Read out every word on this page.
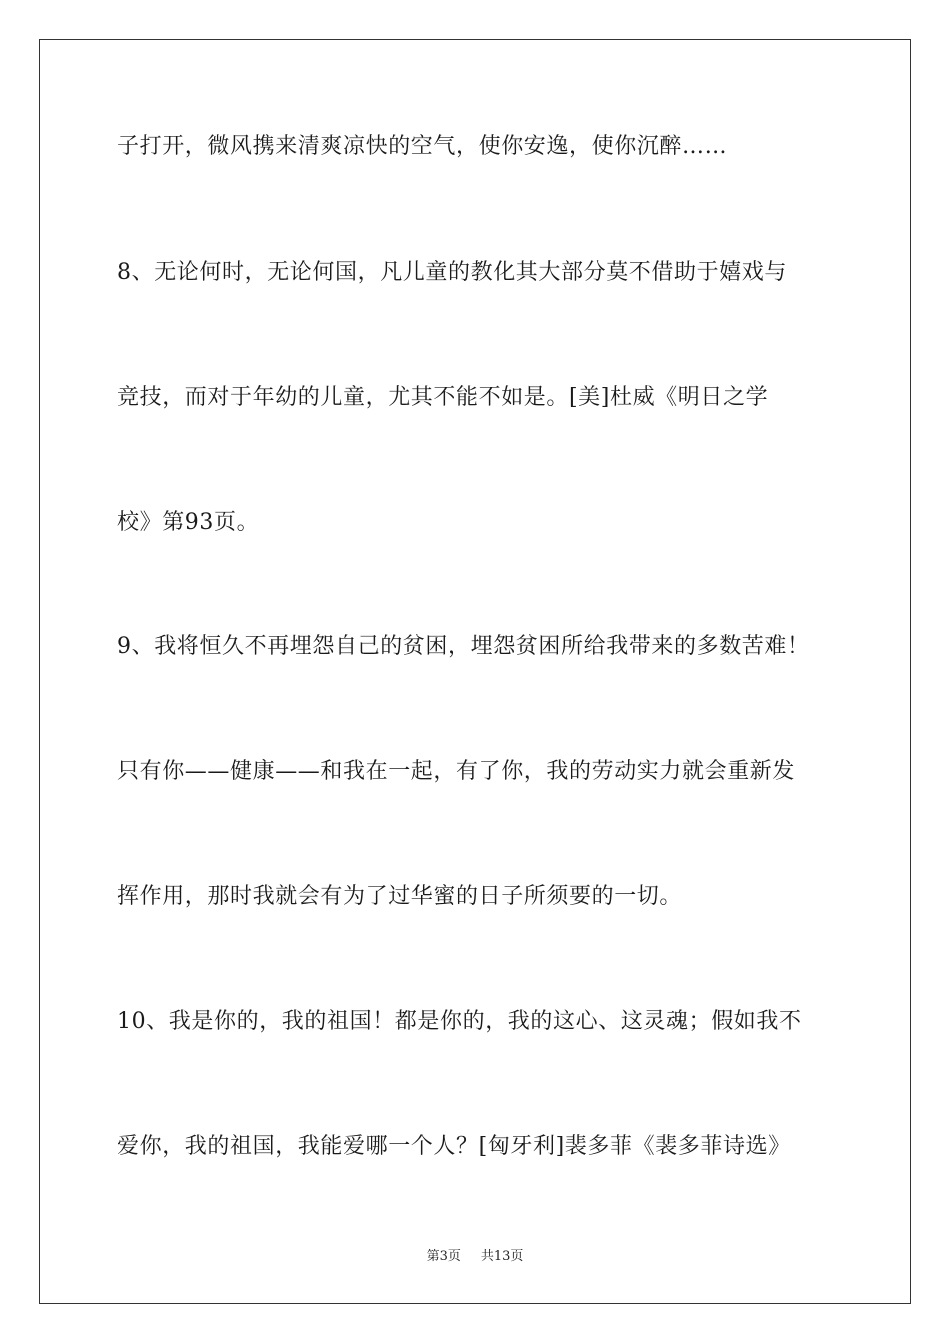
子打开，微风携来清爽凉快的空气，使你安逸，使你沉醉……
8、无论何时，无论何国，凡儿童的教化其大部分莫不借助于嬉戏与
竞技，而对于年幼的儿童，尤其不能不如是。[美]杜威《明日之学
校》第93页。
9、我将恒久不再埋怨自己的贫困，埋怨贫困所给我带来的多数苦难！
只有你——健康——和我在一起，有了你，我的劳动实力就会重新发
挥作用，那时我就会有为了过华蜜的日子所须要的一切。
10、我是你的，我的祖国！都是你的，我的这心、这灵魂；假如我不
爱你，我的祖国，我能爱哪一个人？[匈牙利]裴多菲《裴多菲诗选》
第3页 共13页
